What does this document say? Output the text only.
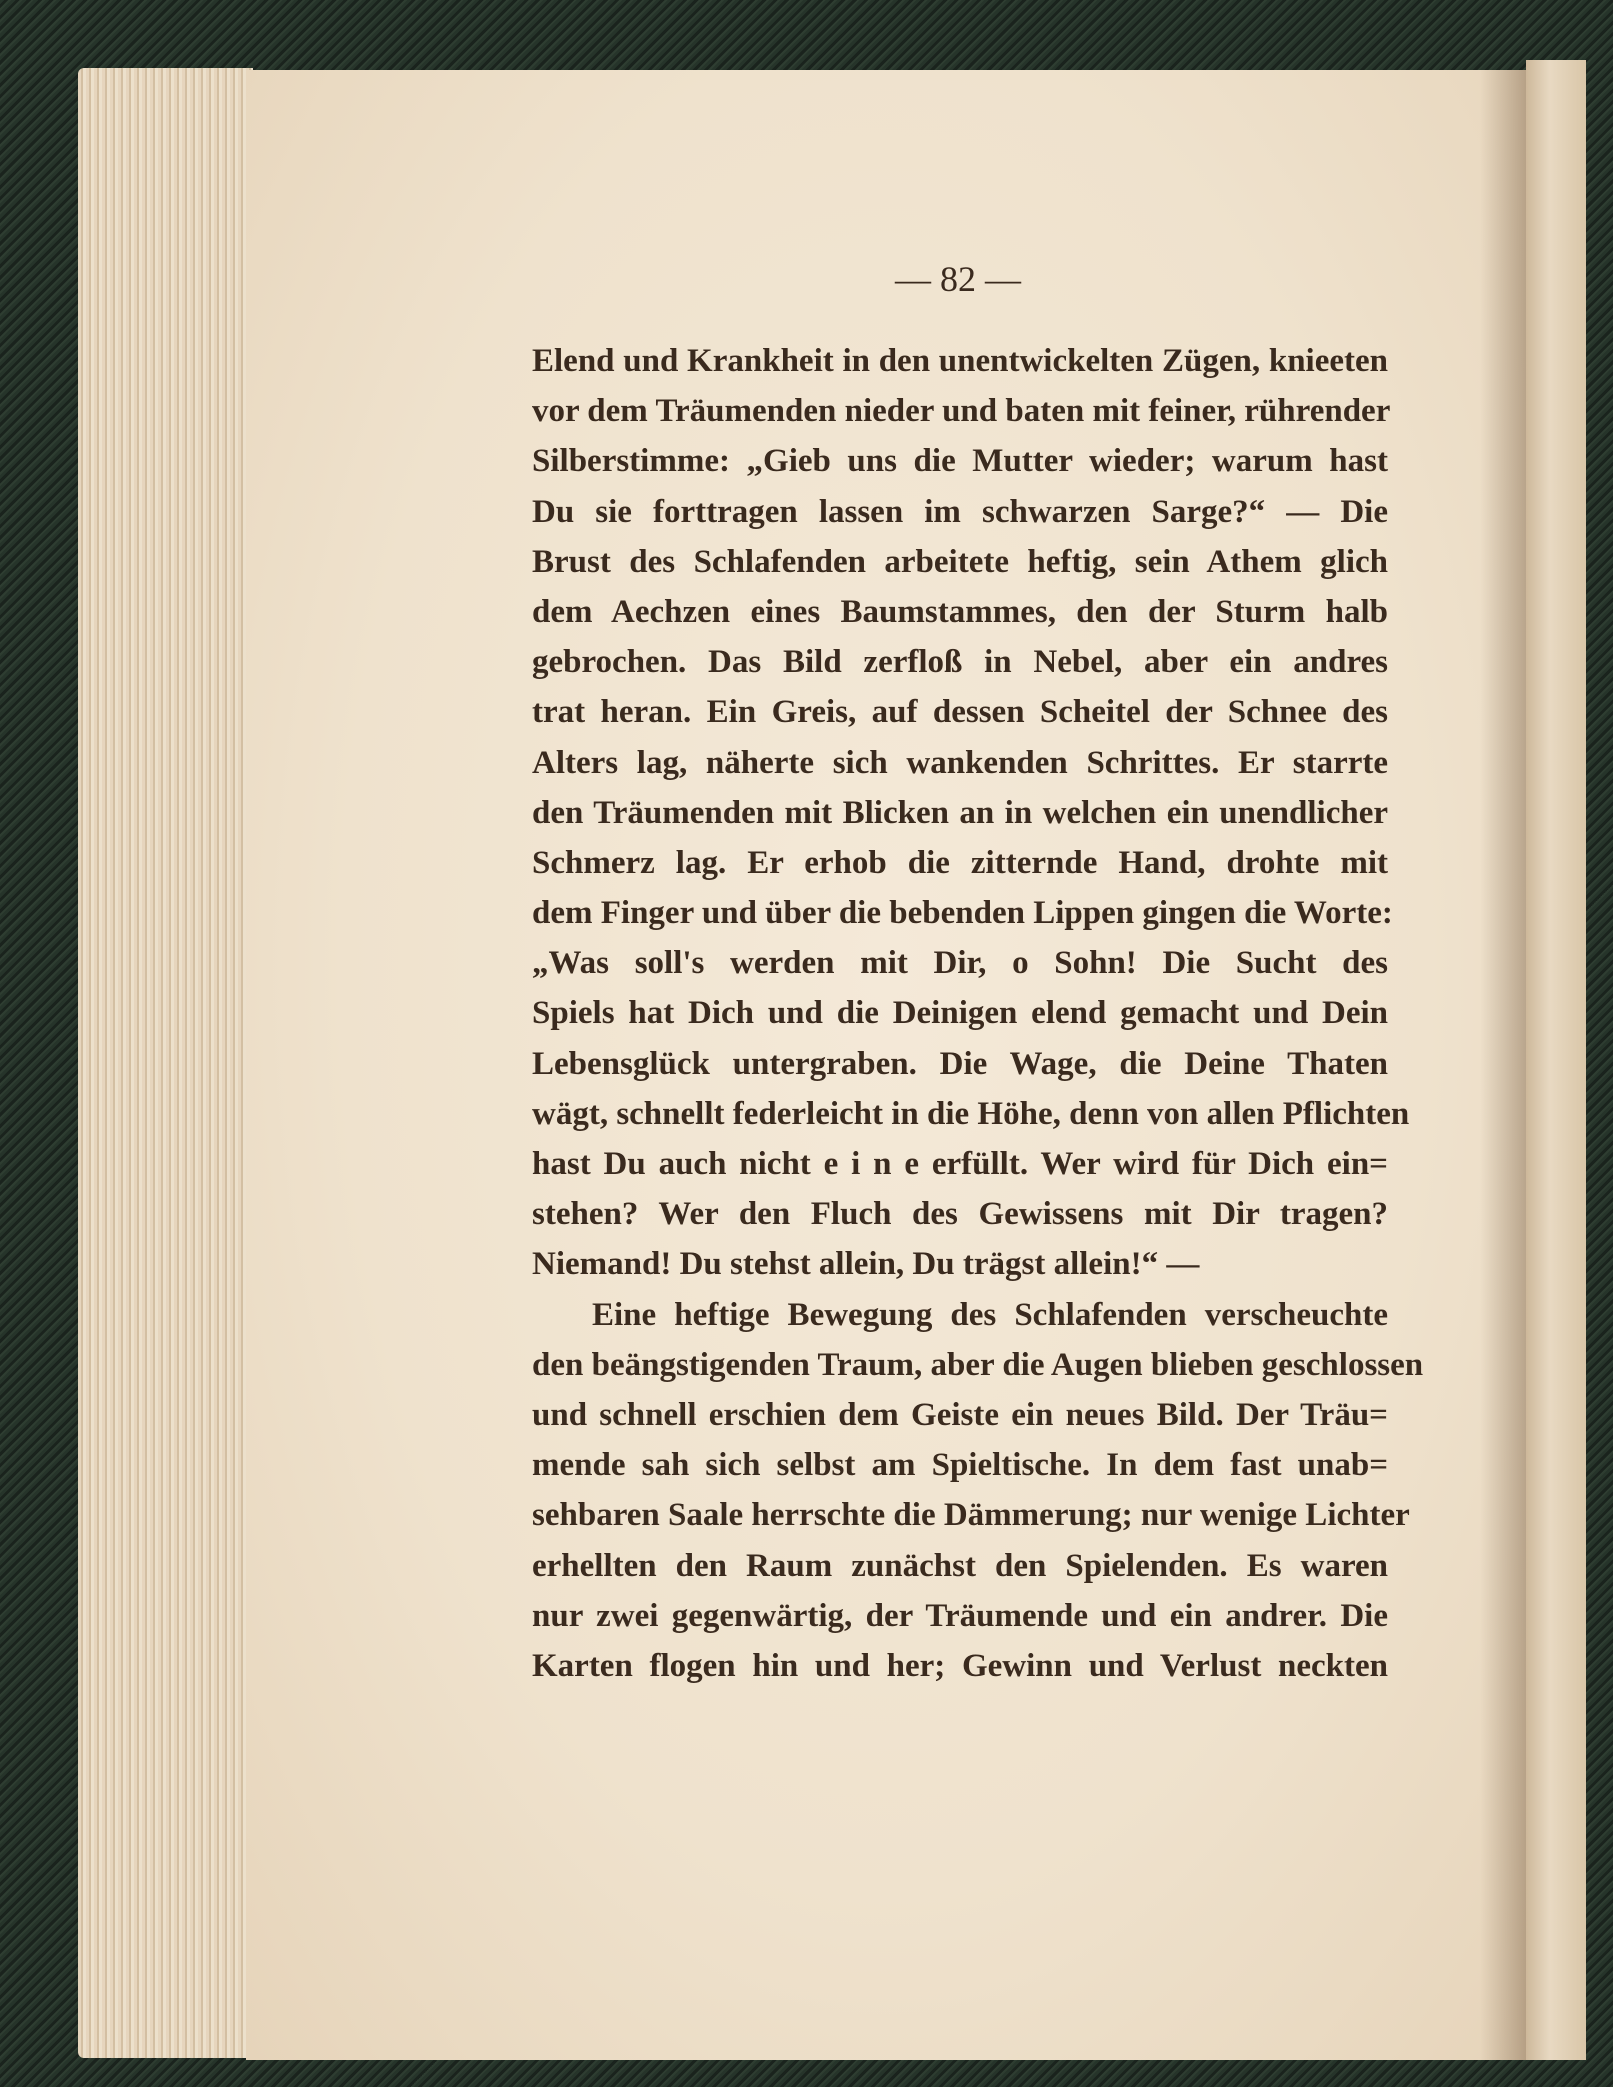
— 82 —
Elend und Krankheit in den unentwickelten Zügen, knieeten
vor dem Träumenden nieder und baten mit feiner, rührender
Silberstimme: „Gieb uns die Mutter wieder; warum hast
Du sie forttragen lassen im schwarzen Sarge?“ — Die
Brust des Schlafenden arbeitete heftig, sein Athem glich
dem Aechzen eines Baumstammes, den der Sturm halb
gebrochen. Das Bild zerfloß in Nebel, aber ein andres
trat heran. Ein Greis, auf dessen Scheitel der Schnee des
Alters lag, näherte sich wankenden Schrittes. Er starrte
den Träumenden mit Blicken an in welchen ein unendlicher
Schmerz lag. Er erhob die zitternde Hand, drohte mit
dem Finger und über die bebenden Lippen gingen die Worte:
„Was soll's werden mit Dir, o Sohn! Die Sucht des
Spiels hat Dich und die Deinigen elend gemacht und Dein
Lebensglück untergraben. Die Wage, die Deine Thaten
wägt, schnellt federleicht in die Höhe, denn von allen Pflichten
hast Du auch nicht e i n e erfüllt. Wer wird für Dich ein=
stehen? Wer den Fluch des Gewissens mit Dir tragen?
Niemand! Du stehst allein, Du trägst allein!“ —
Eine heftige Bewegung des Schlafenden verscheuchte
den beängstigenden Traum, aber die Augen blieben geschlossen
und schnell erschien dem Geiste ein neues Bild. Der Träu=
mende sah sich selbst am Spieltische. In dem fast unab=
sehbaren Saale herrschte die Dämmerung; nur wenige Lichter
erhellten den Raum zunächst den Spielenden. Es waren
nur zwei gegenwärtig, der Träumende und ein andrer. Die
Karten flogen hin und her; Gewinn und Verlust neckten
